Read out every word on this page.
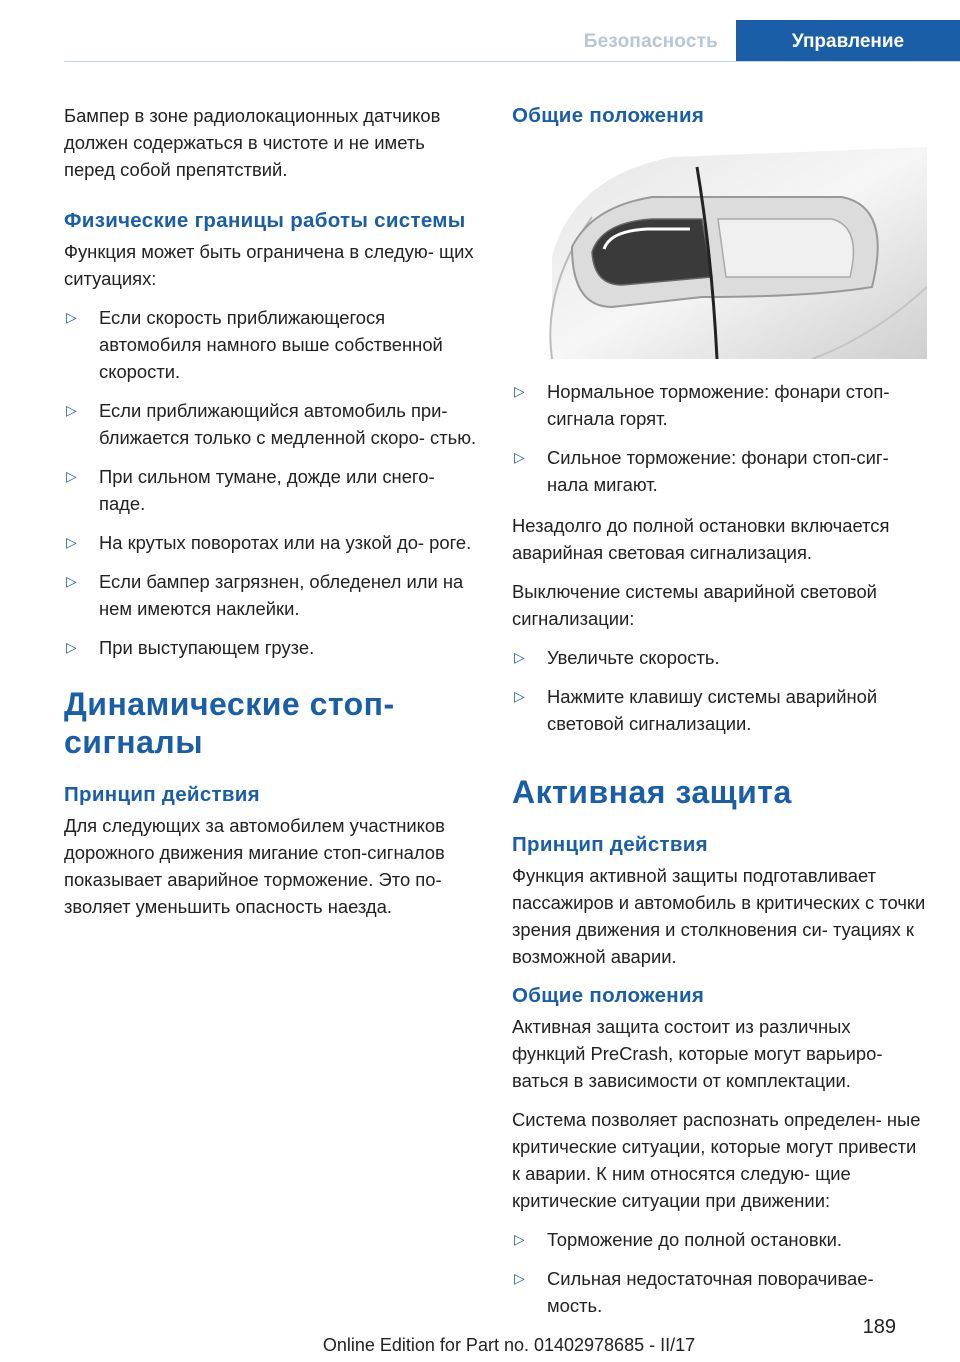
Безопасность	Управление

Бампер в зоне радиолокационных датчиков должен содержаться в чистоте и не иметь перед собой препятствий.

Физические границы работы системы

Функция может быть ограничена в следую- щих ситуациях:

▷ Если скорость приближающегося автомобиля намного выше собственной скорости.
▷ Если приближающийся автомобиль при- ближается только с медленной скоро- стью.
▷ При сильном тумане, дожде или снего- паде.
▷ На крутых поворотах или на узкой до- роге.
▷ Если бампер загрязнен, обледенел или на нем имеются наклейки.
▷ При выступающем грузе.
Динамические стоп- сигналы
Принцип действия

Для следующих за автомобилем участников дорожного движения мигание стоп-сигналов показывает аварийное торможение. Это по- зволяет уменьшить опасность наезда.

Общие положения
▷ Нормальное торможение: фонари стоп- сигнала горят.
▷ Сильное торможение: фонари стоп-сиг- нала мигают.

Незадолго до полной остановки включается аварийная световая сигнализация.

Выключение системы аварийной световой сигнализации:

▷ Увеличьте скорость.
▷ Нажмите клавишу системы аварийной световой сигнализации.
Активная защита
Принцип действия

Функция активной защиты подготавливает пассажиров и автомобиль в критических с точки зрения движения и столкновения си- туациях к возможной аварии.

Общие положения

Активная защита состоит из различных функций PreCrash, которые могут варьиро- ваться в зависимости от комплектации.

Система позволяет распознать определен- ные критические ситуации, которые могут привести к аварии. К ним относятся следую- щие критические ситуации при движении:

▷ Торможение до полной остановки.
▷ Сильная недостаточная поворачивае- мость.
189
Online Edition for Part no. 01402978685 - II/17
